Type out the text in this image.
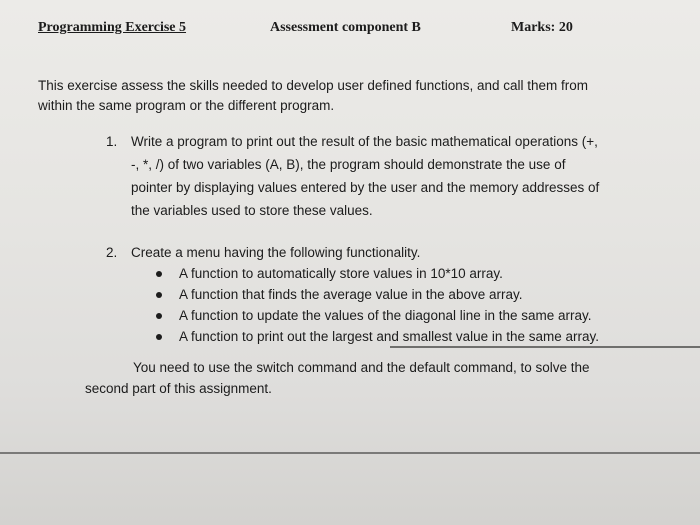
Programming Exercise 5	Assessment component B	Marks: 20
This exercise assess the skills needed to develop user defined functions, and call them from
within the same program or the different program.
1. Write a program to print out the result of the basic mathematical operations (+,
-, *, /) of two variables (A, B), the program should demonstrate the use of
pointer by displaying values entered by the user and the memory addresses of
the variables used to store these values.
2. Create a menu having the following functionality.
A function to automatically store values in 10*10 array.
A function that finds the average value in the above array.
A function to update the values of the diagonal line in the same array.
A function to print out the largest and smallest value in the same array.
You need to use the switch command and the default command, to solve the
second part of this assignment.
